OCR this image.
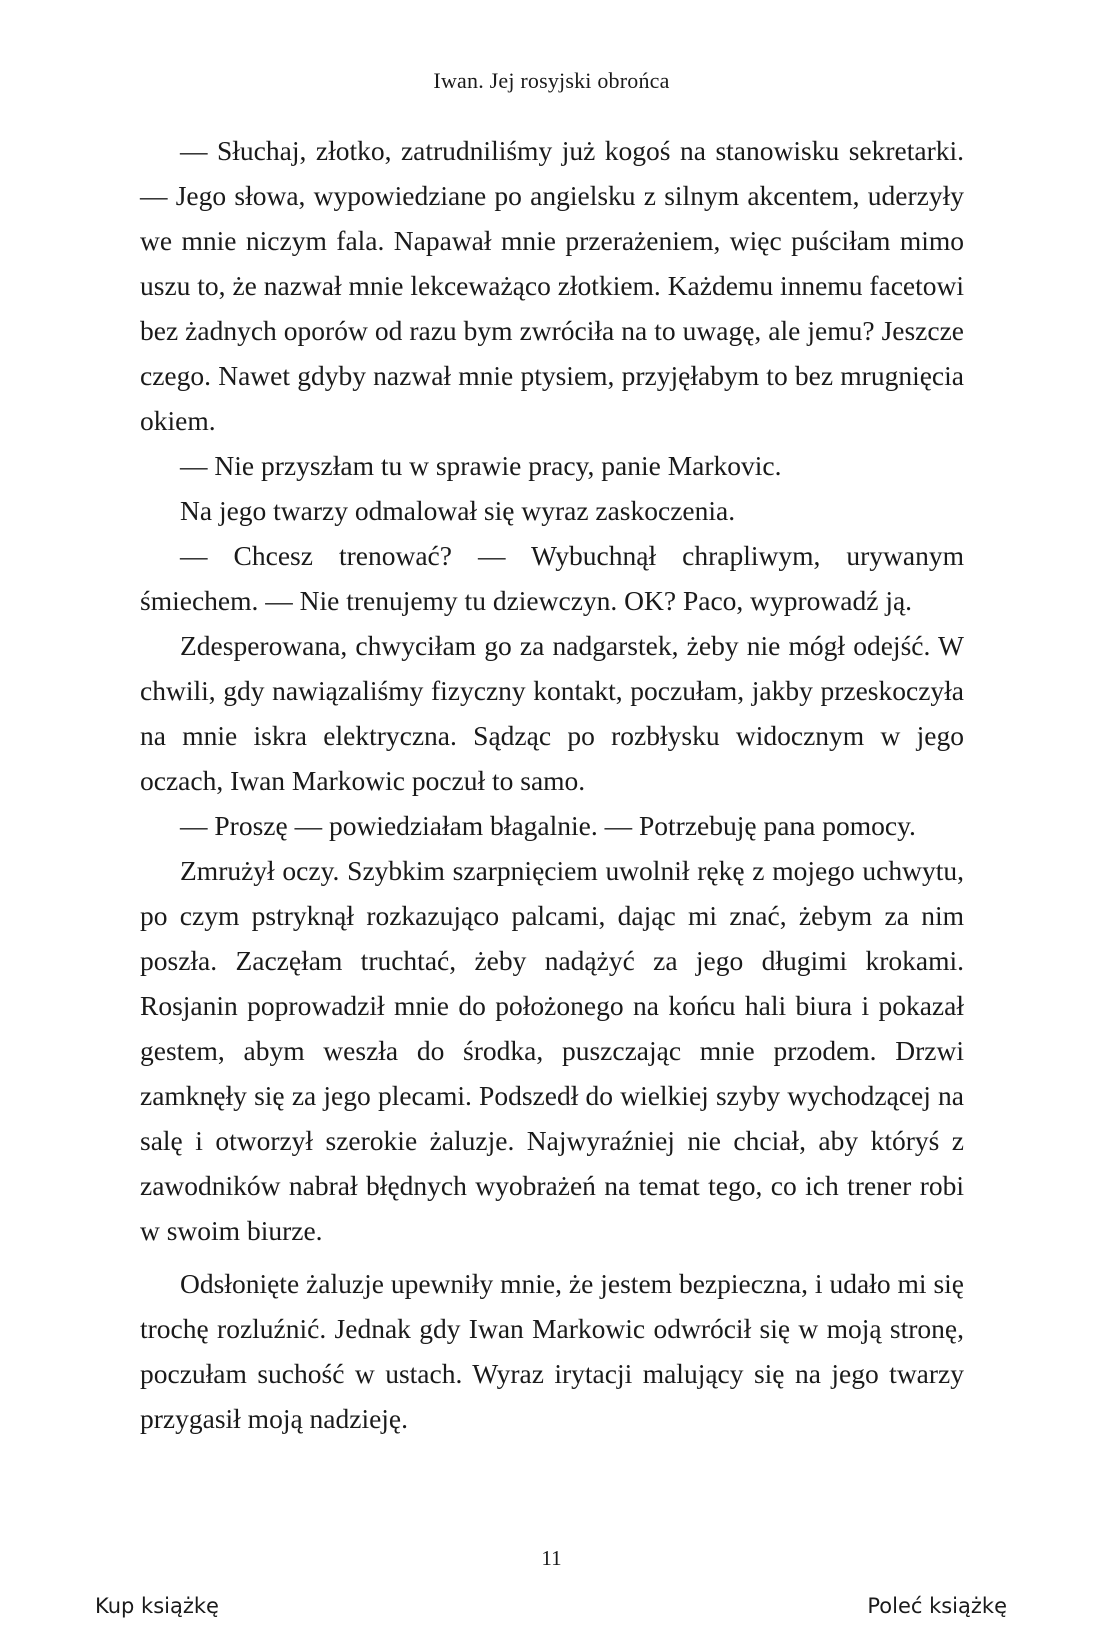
Iwan. Jej rosyjski obrońca

— Słuchaj, złotko, zatrudniliśmy już kogoś na stanowisku sekretarki. — Jego słowa, wypowiedziane po angielsku z silnym akcentem, uderzyły we mnie niczym fala. Napawał mnie przerażeniem, więc puściłam mimo uszu to, że nazwał mnie lekceważąco złotkiem. Każdemu innemu facetowi bez żadnych oporów od razu bym zwróciła na to uwagę, ale jemu? Jeszcze czego. Nawet gdyby nazwał mnie ptysiem, przyjęłabym to bez mrugnięcia okiem.

— Nie przyszłam tu w sprawie pracy, panie Markovic.

Na jego twarzy odmalował się wyraz zaskoczenia.

— Chcesz trenować? — Wybuchnął chrapliwym, urywanym śmiechem. — Nie trenujemy tu dziewczyn. OK? Paco, wyprowadź ją.

Zdesperowana, chwyciłam go za nadgarstek, żeby nie mógł odejść. W chwili, gdy nawiązaliśmy fizyczny kontakt, poczułam, jakby przeskoczyła na mnie iskra elektryczna. Sądząc po rozbłysku widocznym w jego oczach, Iwan Markowic poczuł to samo.

— Proszę — powiedziałam błagalnie. — Potrzebuję pana pomocy.

Zmrużył oczy. Szybkim szarpnięciem uwolnił rękę z mojego uchwytu, po czym pstryknął rozkazująco palcami, dając mi znać, żebym za nim poszła. Zaczęłam truchtać, żeby nadążyć za jego długimi krokami. Rosjanin poprowadził mnie do położonego na końcu hali biura i pokazał gestem, abym weszła do środka, puszczając mnie przodem. Drzwi zamknęły się za jego plecami. Podszedł do wielkiej szyby wychodzącej na salę i otworzył szerokie żaluzje. Najwyraźniej nie chciał, aby któryś z zawodników nabrał błędnych wyobrażeń na temat tego, co ich trener robi w swoim biurze.

Odsłonięte żaluzje upewniły mnie, że jestem bezpieczna, i udało mi się trochę rozluźnić. Jednak gdy Iwan Markowic odwrócił się w moją stronę, poczułam suchość w ustach. Wyraz irytacji malujący się na jego twarzy przygasił moją nadzieję.

11
Kup książkę	Poleć książkę
